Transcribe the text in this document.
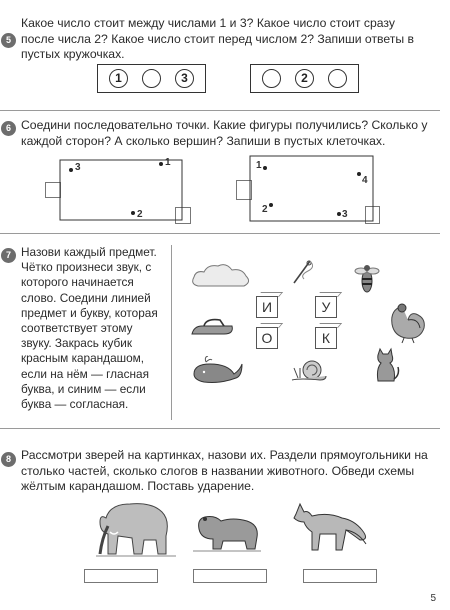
5

Какое число стоит между числами 1 и 3? Какое число стоит сразу после числа 2? Какое число стоит перед числом 2? Запиши ответы в пустых кружочках.

1	3	2
6 Соедини последовательно точки. Какие фигуры получились? Сколько у каждой сторон? А сколько вершин? Запиши в пустых клеточках.

3	1
2
1
4
2	3
7 Назови каждый предмет. Чётко произнеси звук, с которого начинается слово. Соедини линией предмет и букву, которая соответствует этому звуку. Закрась кубик красным карандашом, если на нём — гласная буква, и синим — если буква — согласная.

И	У
О	К
8 Рассмотри зверей на картинках, назови их. Раздели прямоугольники на столько частей, сколько слогов в названии животного. Обведи схемы жёлтым карандашом. Поставь ударение.

5
